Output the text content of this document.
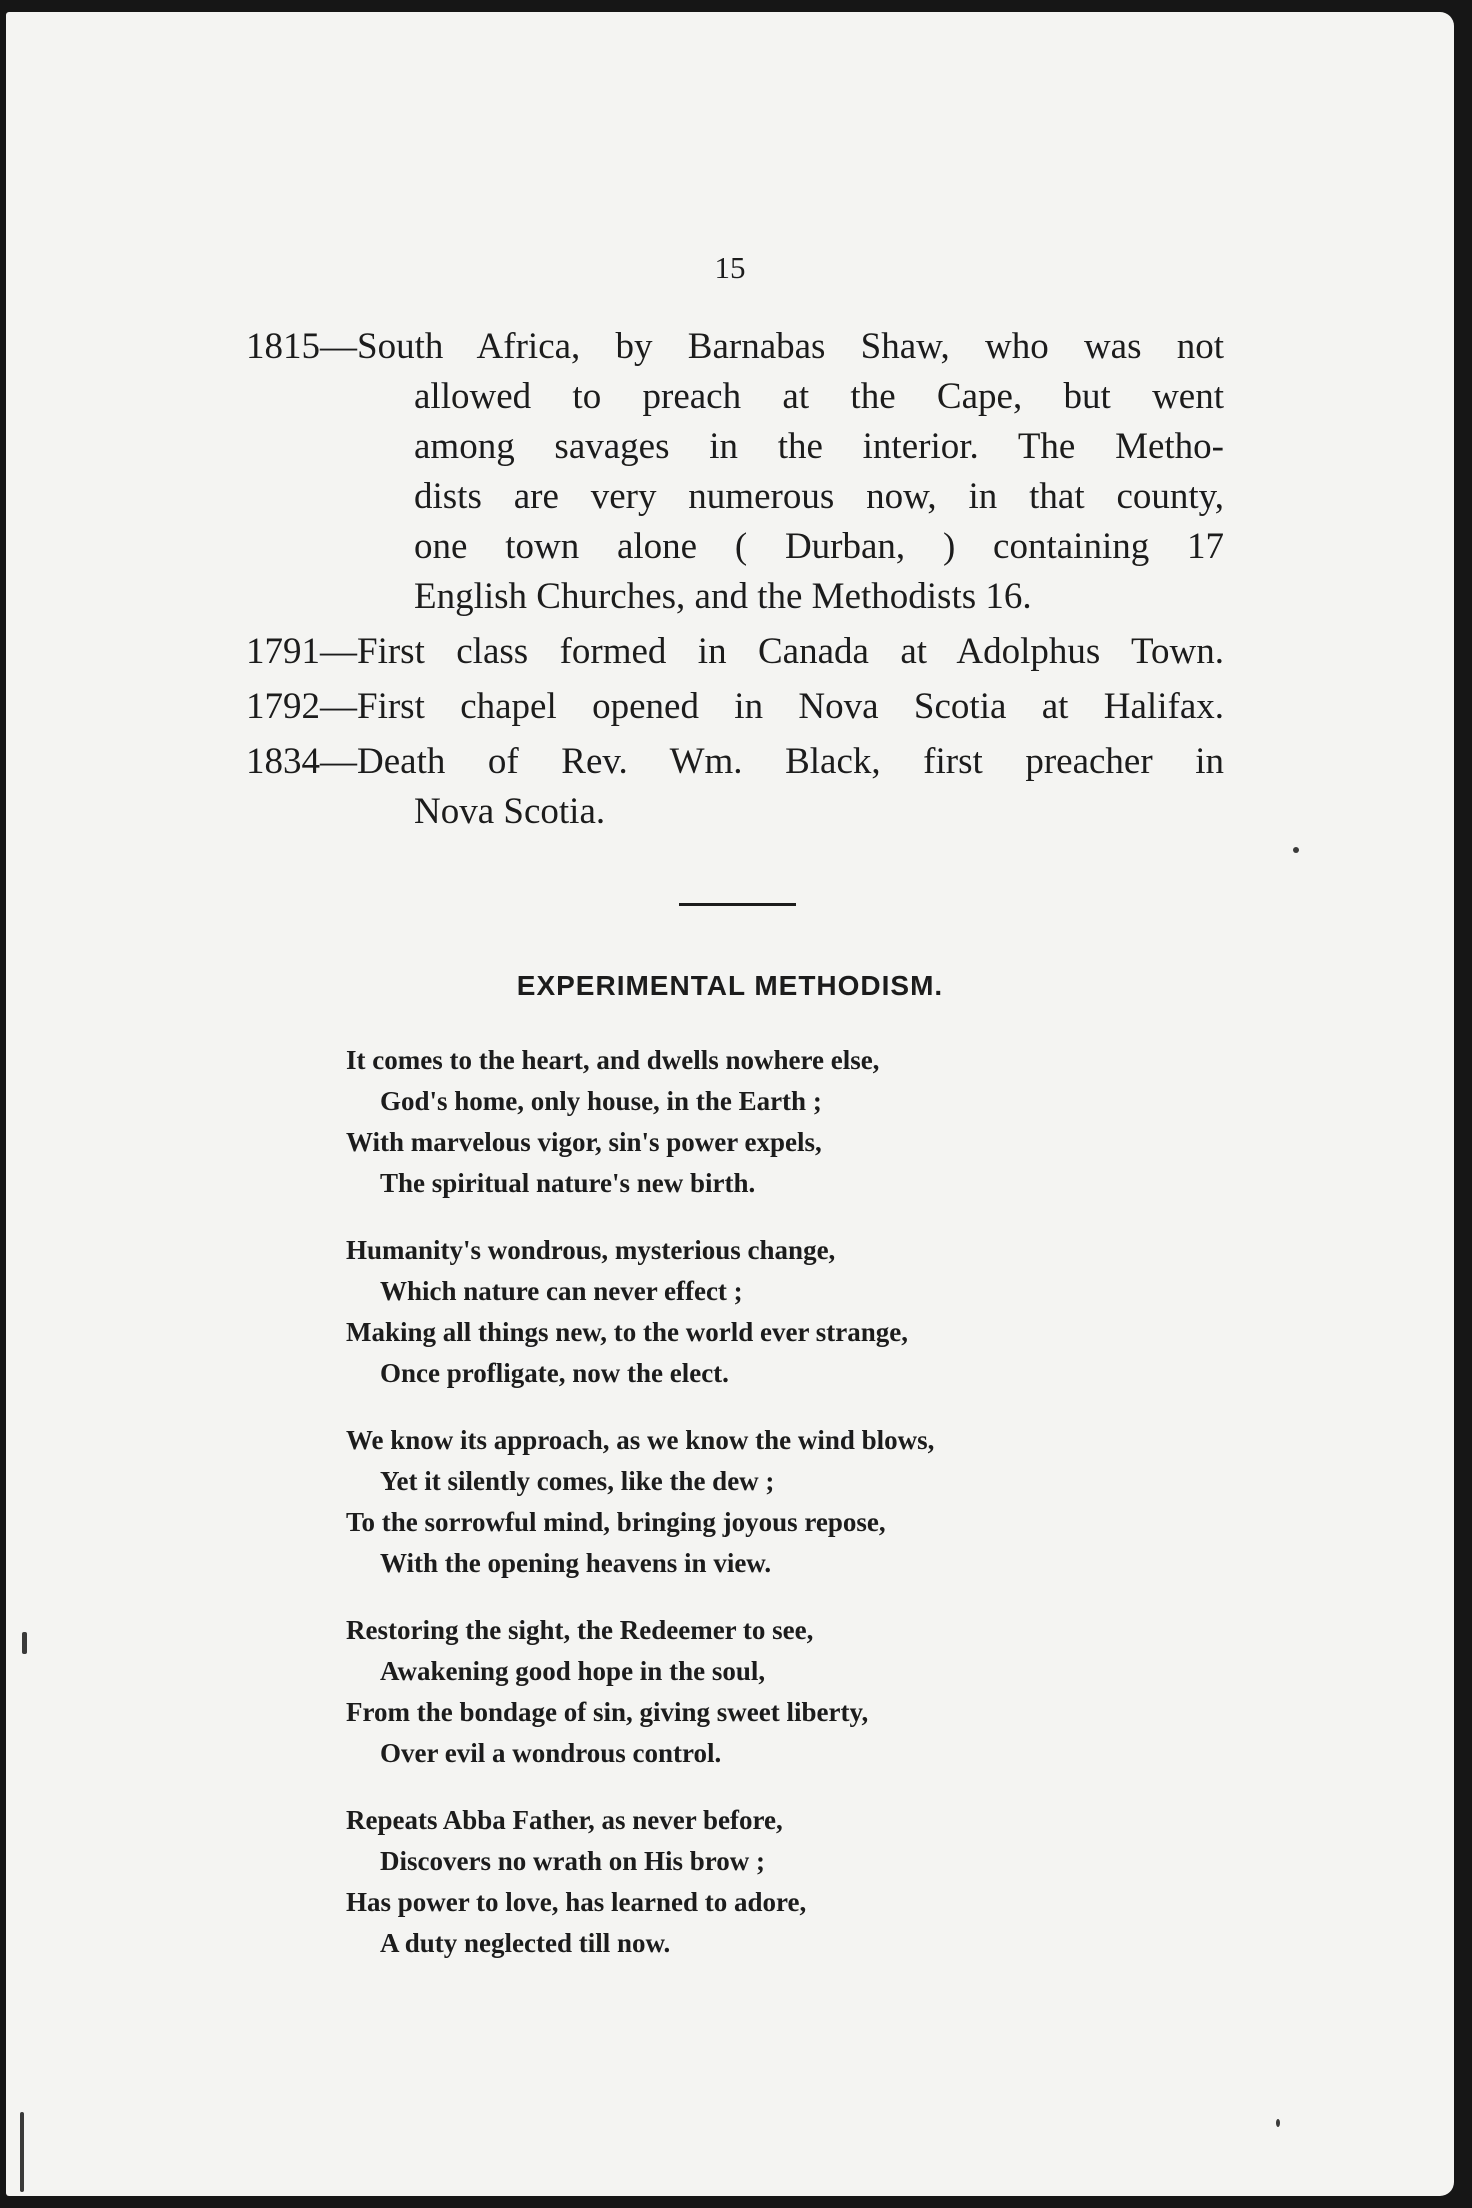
15
1815—South Africa, by Barnabas Shaw, who was not
allowed to preach at the Cape, but went
among savages in the interior. The Metho-
dists are very numerous now, in that county,
one town alone ( Durban, ) containing 17
English Churches, and the Methodists 16.
1791—First class formed in Canada at Adolphus Town.
1792—First chapel opened in Nova Scotia at Halifax.
1834—Death of Rev. Wm. Black, first preacher in
Nova Scotia.
EXPERIMENTAL METHODISM.
It comes to the heart, and dwells nowhere else,
God's home, only house, in the Earth ;
With marvelous vigor, sin's power expels,
The spiritual nature's new birth.
Humanity's wondrous, mysterious change,
Which nature can never effect ;
Making all things new, to the world ever strange,
Once profligate, now the elect.
We know its approach, as we know the wind blows,
Yet it silently comes, like the dew ;
To the sorrowful mind, bringing joyous repose,
With the opening heavens in view.
Restoring the sight, the Redeemer to see,
Awakening good hope in the soul,
From the bondage of sin, giving sweet liberty,
Over evil a wondrous control.
Repeats Abba Father, as never before,
Discovers no wrath on His brow ;
Has power to love, has learned to adore,
A duty neglected till now.
